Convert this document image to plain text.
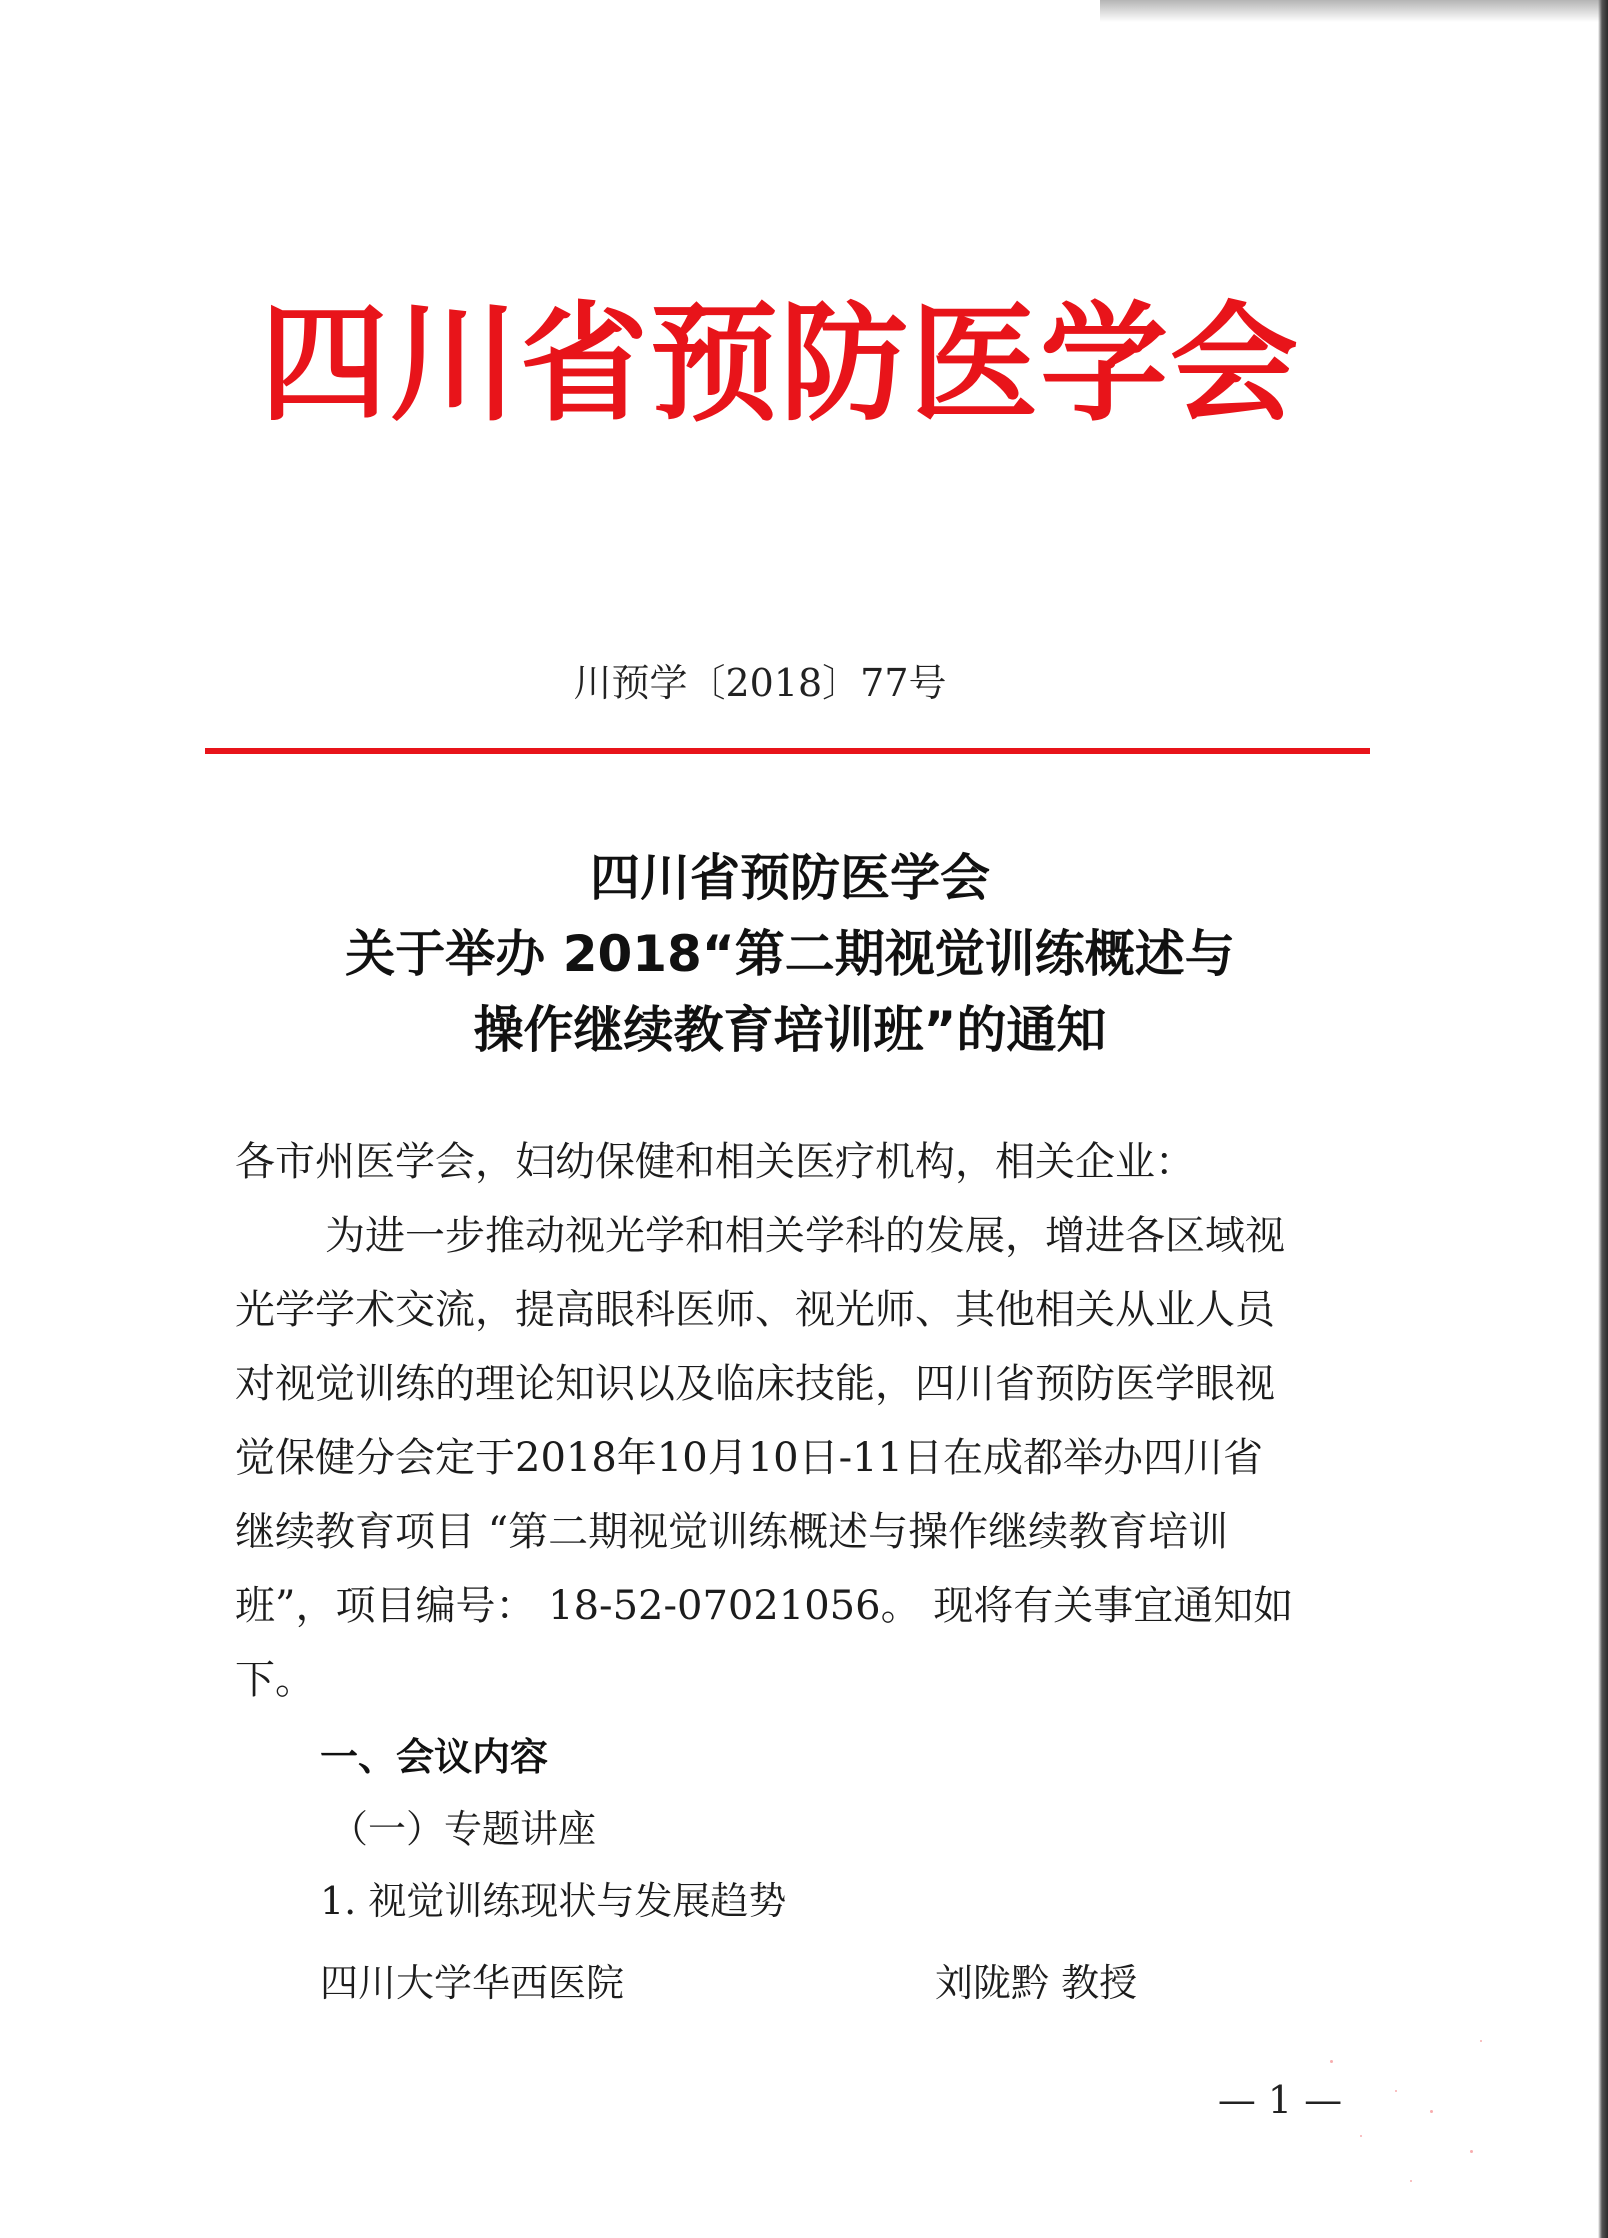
四川省预防医学会
川预学〔2018〕77号
四川省预防医学会
关于举办 2018“第二期视觉训练概述与
操作继续教育培训班”的通知
各市州医学会，妇幼保健和相关医疗机构，相关企业：
为进一步推动视光学和相关学科的发展，增进各区域视
光学学术交流，提高眼科医师、视光师、其他相关从业人员
对视觉训练的理论知识以及临床技能，四川省预防医学眼视
觉保健分会定于2018年10月10日-11日在成都举办四川省
继续教育项目 “第二期视觉训练概述与操作继续教育培训
班”，项目编号： 18-52-07021056。 现将有关事宜通知如
下。
一、会议内容
（一）专题讲座
1. 视觉训练现状与发展趋势
四川大学华西医院	刘陇黔 教授
— 1 —
